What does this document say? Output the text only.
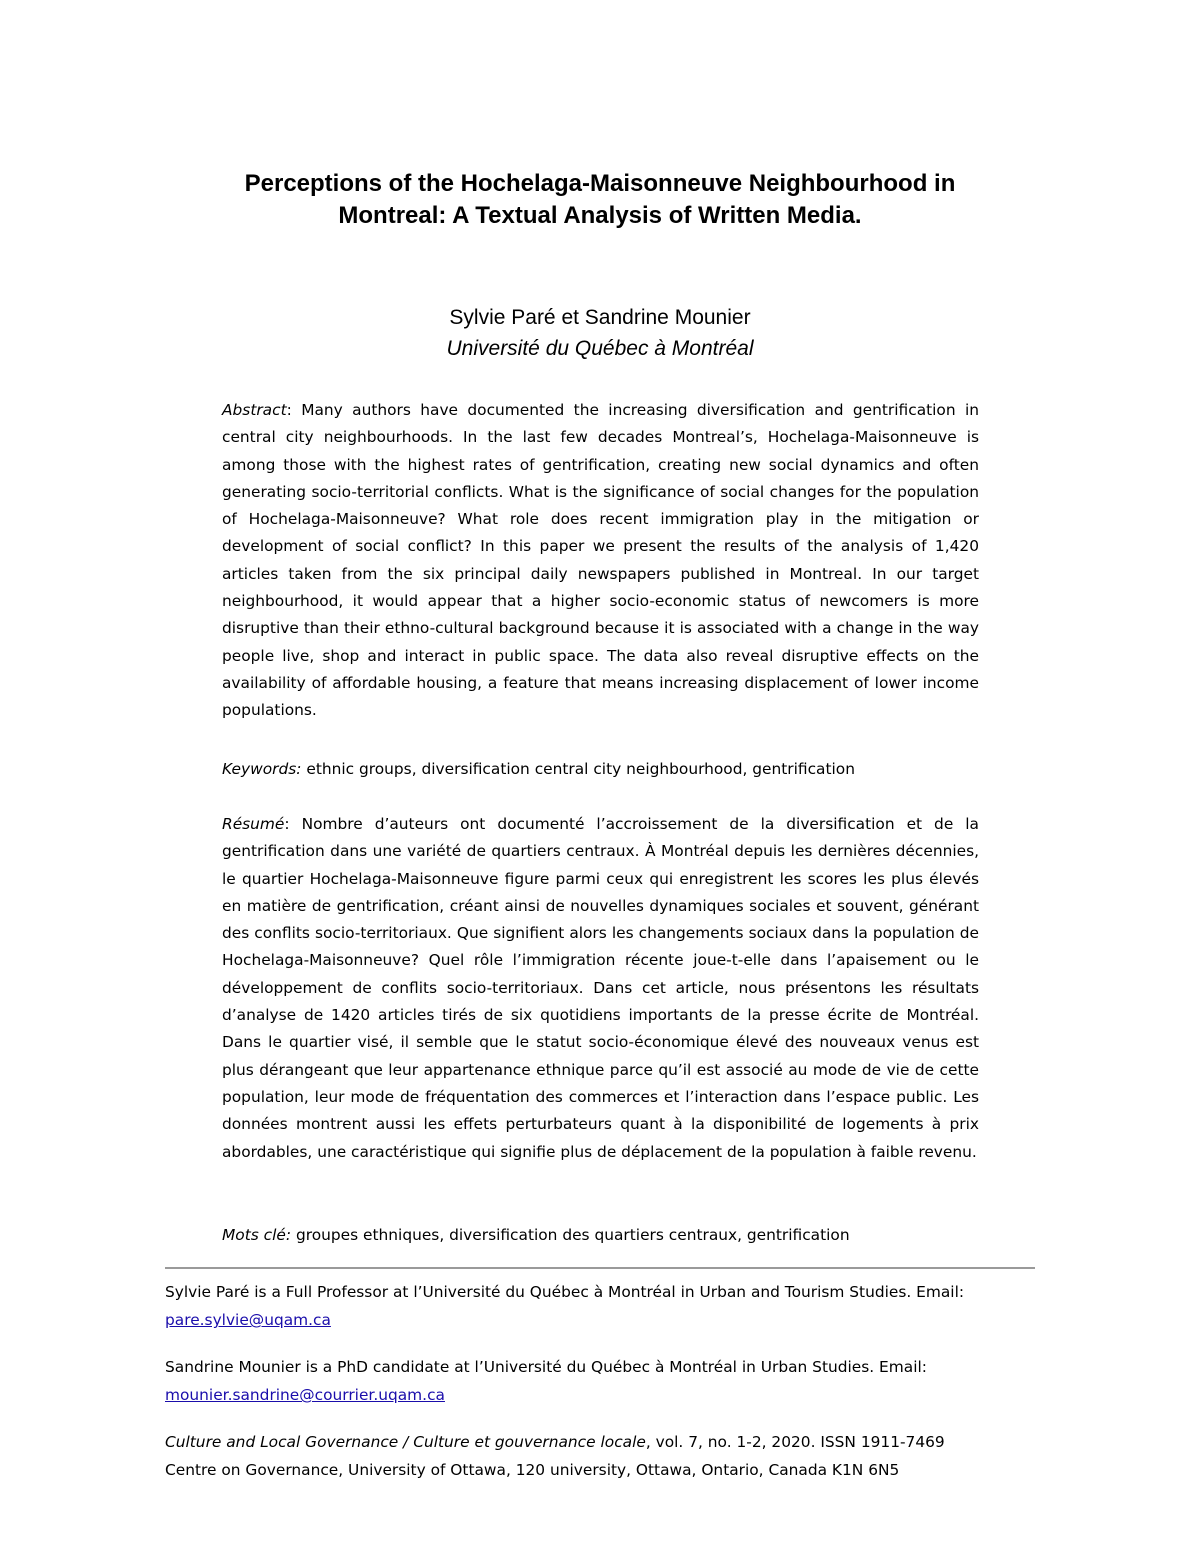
Perceptions of the Hochelaga-Maisonneuve Neighbourhood in
Montreal: A Textual Analysis of Written Media.
Sylvie Paré et Sandrine Mounier
Université du Québec à Montréal

Abstract: Many authors have documented the increasing diversification and gentrification in central city neighbourhoods. In the last few decades Montreal’s, Hochelaga-Maisonneuve is among those with the highest rates of gentrification, creating new social dynamics and often generating socio-territorial conflicts. What is the significance of social changes for the population of Hochelaga-Maisonneuve? What role does recent immigration play in the mitigation or development of social conflict? In this paper we present the results of the analysis of 1,420 articles taken from the six principal daily newspapers published in Montreal. In our target neighbourhood, it would appear that a higher socio-economic status of newcomers is more disruptive than their ethno-cultural background because it is associated with a change in the way people live, shop and interact in public space. The data also reveal disruptive effects on the availability of affordable housing, a feature that means increasing displacement of lower income populations.

Keywords: ethnic groups, diversification central city neighbourhood, gentrification

Résumé: Nombre d’auteurs ont documenté l’accroissement de la diversification et de la gentrification dans une variété de quartiers centraux. À Montréal depuis les dernières décennies, le quartier Hochelaga-Maisonneuve figure parmi ceux qui enregistrent les scores les plus élevés en matière de gentrification, créant ainsi de nouvelles dynamiques sociales et souvent, générant des conflits socio-territoriaux. Que signifient alors les changements sociaux dans la population de Hochelaga-Maisonneuve? Quel rôle l’immigration récente joue-t-elle dans l’apaisement ou le développement de conflits socio-territoriaux. Dans cet article, nous présentons les résultats d’analyse de 1420 articles tirés de six quotidiens importants de la presse écrite de Montréal. Dans le quartier visé, il semble que le statut socio-économique élevé des nouveaux venus est plus dérangeant que leur appartenance ethnique parce qu’il est associé au mode de vie de cette population, leur mode de fréquentation des commerces et l’interaction dans l’espace public. Les données montrent aussi les effets perturbateurs quant à la disponibilité de logements à prix abordables, une caractéristique qui signifie plus de déplacement de la population à faible revenu.

Mots clé: groupes ethniques, diversification des quartiers centraux, gentrification

Sylvie Paré is a Full Professor at l’Université du Québec à Montréal in Urban and Tourism Studies. Email:
pare.sylvie@uqam.ca

Sandrine Mounier is a PhD candidate at l’Université du Québec à Montréal in Urban Studies. Email:
mounier.sandrine@courrier.uqam.ca

Culture and Local Governance / Culture et gouvernance locale, vol. 7, no. 1-2, 2020. ISSN 1911-7469
Centre on Governance, University of Ottawa, 120 university, Ottawa, Ontario, Canada K1N 6N5
